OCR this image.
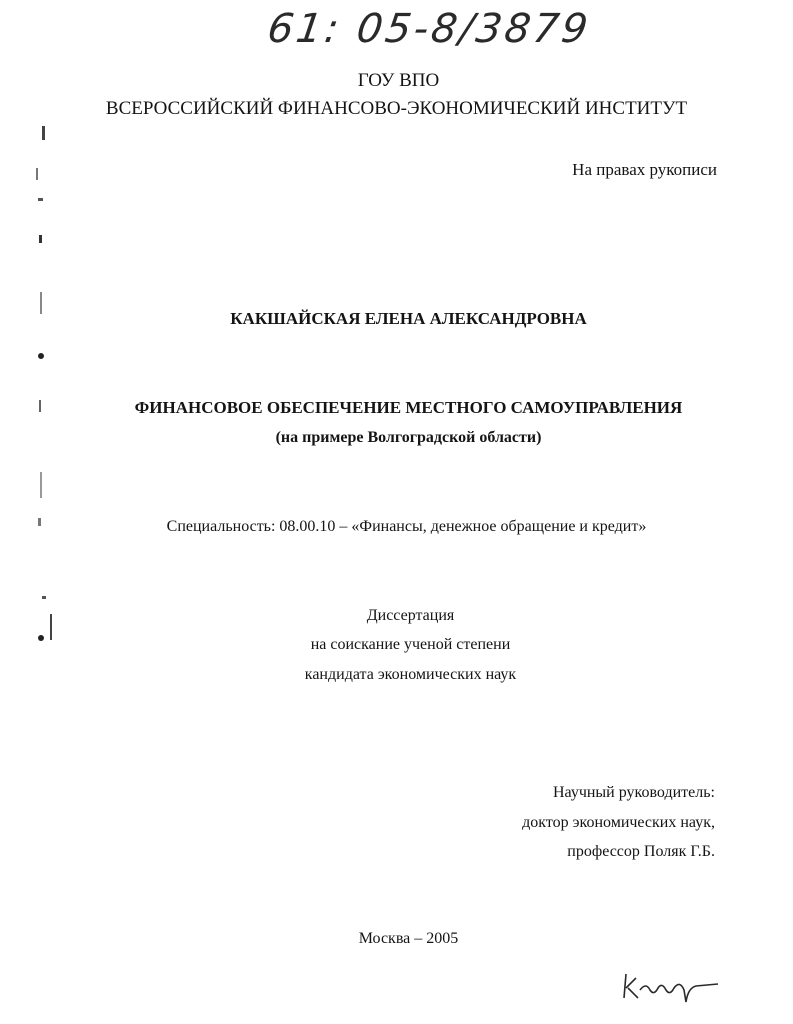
61: 05-8/3879
ГОУ ВПО
ВСЕРОССИЙСКИЙ ФИНАНСОВО-ЭКОНОМИЧЕСКИЙ ИНСТИТУТ
На правах рукописи
КАКШАЙСКАЯ ЕЛЕНА АЛЕКСАНДРОВНА
ФИНАНСОВОЕ ОБЕСПЕЧЕНИЕ МЕСТНОГО САМОУПРАВЛЕНИЯ
(на примере Волгоградской области)
Специальность: 08.00.10 – «Финансы, денежное обращение и кредит»
Диссертация
на соискание ученой степени
кандидата экономических наук
Научный руководитель:
доктор экономических наук,
профессор Поляк Г.Б.
Москва – 2005
